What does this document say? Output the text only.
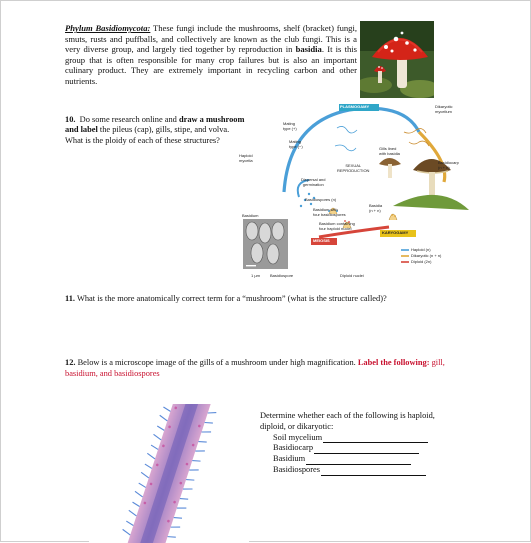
Phylum Basidiomycota: These fungi include the mushrooms, shelf (bracket) fungi, smuts, rusts and puffballs, and collectively are known as the club fungi. This is a very diverse group, and largely tied together by reproduction in basidia. It is this group that is often responsible for many crop failures but is also an important culinary product. They are extremely important in recycling carbon and other nutrients.
10. Do some research online and draw a mushroom and label the pileus (cap), gills, stipe, and volva. What is the ploidy of each of these structures?
PLASMOGAMY	Dikaryotic
mycelium
Mating
type (+)
Mating
type (−)
Haploid
mycelia
SEXUAL
REPRODUCTION
Gills lined
with basidia
Basidiocarp
(n + n)
Dispersal and
germination
Basidiospores (n)
Basidium
Basidium with
four basidiospores
Basidia
(n + n)
Basidium containing
four haploid nuclei
KARYOGAMY
MEIOSIS
Haploid (n)
Dikaryotic (n + n)
Diploid (2n)
1 µm	Basidiospore	Diploid nuclei
11. What is the more anatomically correct term for a “mushroom” (what is the structure called)?
12. Below is a microscope image of the gills of a mushroom under high magnification. Label the following: gill, basidium, and basidiospores
Determine whether each of the following is haploid, diploid, or dikaryotic:
Soil mycelium
Basidiocarp
Basidium
Basidiospores
